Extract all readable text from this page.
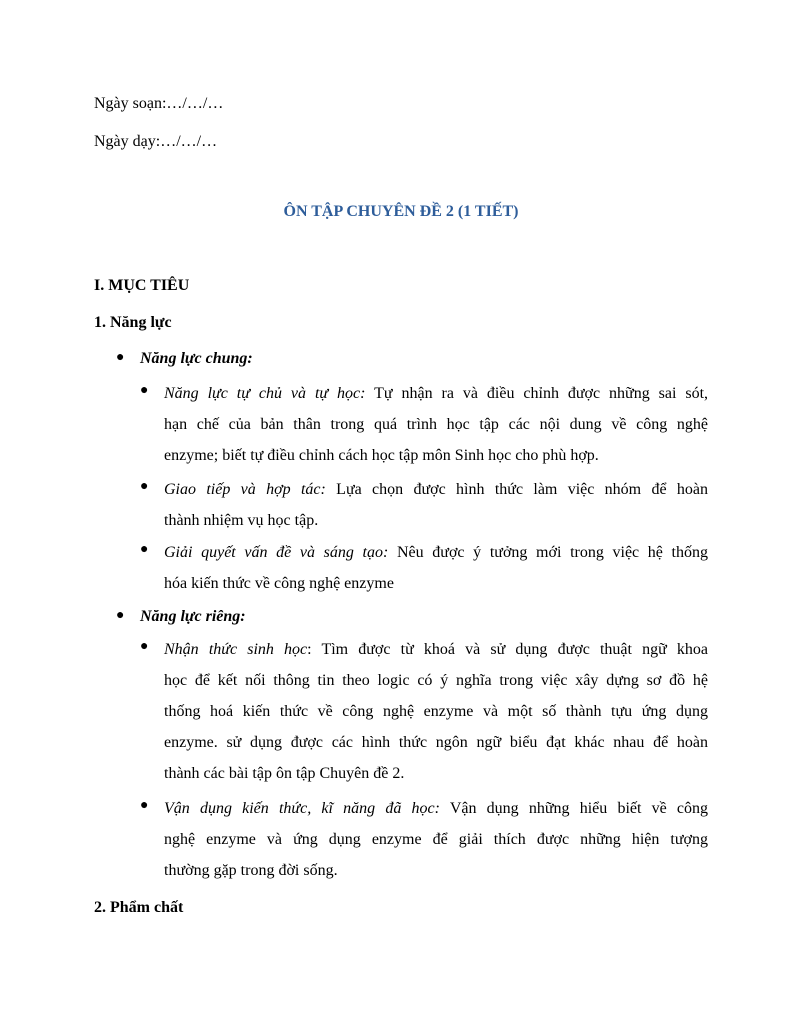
Ngày soạn:…/…/…
Ngày dạy:…/…/…
ÔN TẬP CHUYÊN ĐỀ 2 (1 TIẾT)
I. MỤC TIÊU
1. Năng lực
● Năng lực chung:
● Năng lực tự chủ và tự học: Tự nhận ra và điều chỉnh được những sai sót,
hạn chế của bản thân trong quá trình học tập các nội dung về công nghệ
enzyme; biết tự điều chỉnh cách học tập môn Sinh học cho phù hợp.
● Giao tiếp và hợp tác: Lựa chọn được hình thức làm việc nhóm để hoàn
thành nhiệm vụ học tập.
● Giải quyết vấn đề và sáng tạo: Nêu được ý tưởng mới trong việc hệ thống
hóa kiến thức về công nghệ enzyme
● Năng lực riêng:
● Nhận thức sinh học: Tìm được từ khoá và sử dụng được thuật ngữ khoa
học để kết nối thông tin theo logic có ý nghĩa trong việc xây dựng sơ đồ hệ
thống hoá kiến thức về công nghệ enzyme và một số thành tựu ứng dụng
enzyme. sử dụng được các hình thức ngôn ngữ biểu đạt khác nhau để hoàn
thành các bài tập ôn tập Chuyên đề 2.
● Vận dụng kiến thức, kĩ năng đã học: Vận dụng những hiểu biết về công
nghệ enzyme và ứng dụng enzyme để giải thích được những hiện tượng
thường gặp trong đời sống.
2. Phẩm chất
